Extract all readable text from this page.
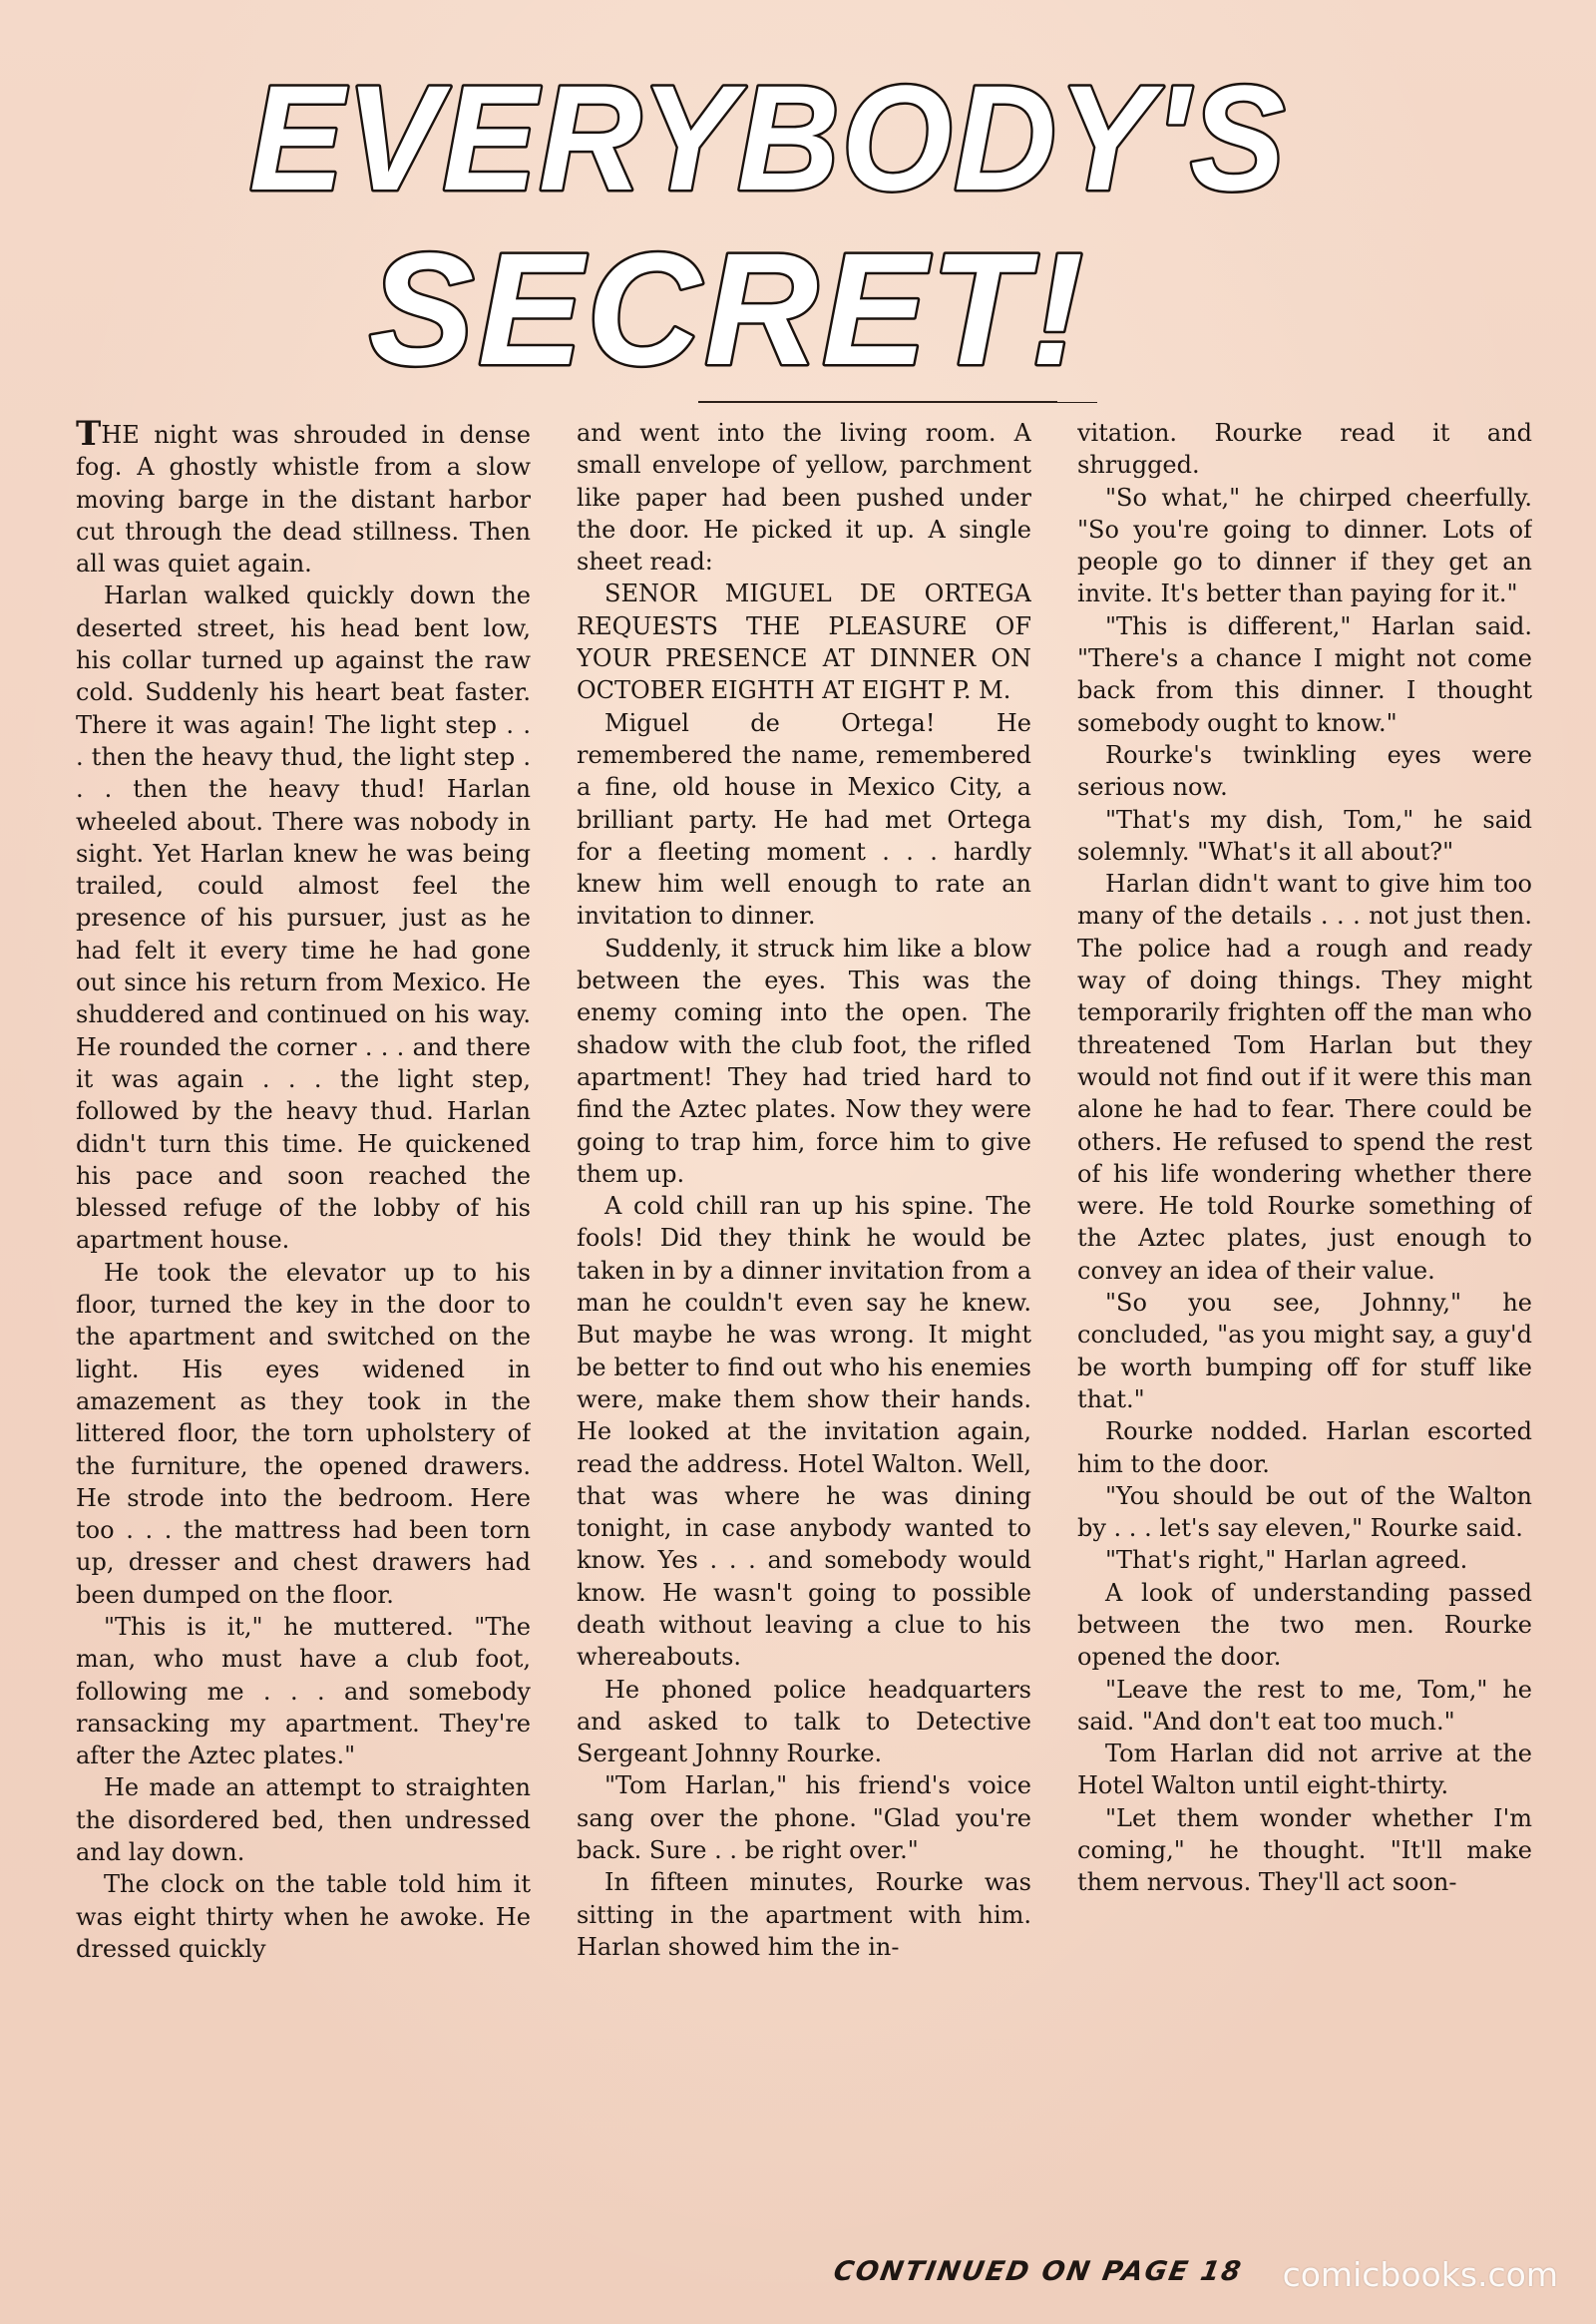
EVERYBODY'S
SECRET!

THE night was shrouded in dense fog. A ghostly whistle from a slow moving barge in the distant harbor cut through the dead stillness. Then all was quiet again.

Harlan walked quickly down the deserted street, his head bent low, his collar turned up against the raw cold. Suddenly his heart beat faster. There it was again! The light step . . . then the heavy thud, the light step . . . then the heavy thud! Harlan wheeled about. There was nobody in sight. Yet Harlan knew he was being trailed, could almost feel the presence of his pursuer, just as he had felt it every time he had gone out since his return from Mexico. He shuddered and continued on his way. He rounded the corner . . . and there it was again . . . the light step, followed by the heavy thud. Harlan didn't turn this time. He quickened his pace and soon reached the blessed refuge of the lobby of his apartment house.

He took the elevator up to his floor, turned the key in the door to the apartment and switched on the light. His eyes widened in amazement as they took in the littered floor, the torn upholstery of the furniture, the opened drawers. He strode into the bedroom. Here too . . . the mattress had been torn up, dresser and chest drawers had been dumped on the floor.

"This is it," he muttered. "The man, who must have a club foot, following me . . . and somebody ransacking my apartment. They're after the Aztec plates."

He made an attempt to straighten the disordered bed, then undressed and lay down.

The clock on the table told him it was eight thirty when he awoke. He dressed quickly

and went into the living room. A small envelope of yellow, parchment like paper had been pushed under the door. He picked it up. A single sheet read:

SENOR MIGUEL DE ORTEGA REQUESTS THE PLEASURE OF YOUR PRESENCE AT DINNER ON OCTOBER EIGHTH AT EIGHT P. M.

Miguel de Ortega! He remembered the name, remembered a fine, old house in Mexico City, a brilliant party. He had met Ortega for a fleeting moment . . . hardly knew him well enough to rate an invitation to dinner.

Suddenly, it struck him like a blow between the eyes. This was the enemy coming into the open. The shadow with the club foot, the rifled apartment! They had tried hard to find the Aztec plates. Now they were going to trap him, force him to give them up.

A cold chill ran up his spine. The fools! Did they think he would be taken in by a dinner invitation from a man he couldn't even say he knew. But maybe he was wrong. It might be better to find out who his enemies were, make them show their hands. He looked at the invitation again, read the address. Hotel Walton. Well, that was where he was dining tonight, in case anybody wanted to know. Yes . . . and somebody would know. He wasn't going to possible death without leaving a clue to his whereabouts.

He phoned police headquarters and asked to talk to Detective Sergeant Johnny Rourke.

"Tom Harlan," his friend's voice sang over the phone. "Glad you're back. Sure . . be right over."

In fifteen minutes, Rourke was sitting in the apartment with him. Harlan showed him the in-

vitation. Rourke read it and shrugged.

"So what," he chirped cheerfully. "So you're going to dinner. Lots of people go to dinner if they get an invite. It's better than paying for it."

"This is different," Harlan said. "There's a chance I might not come back from this dinner. I thought somebody ought to know."

Rourke's twinkling eyes were serious now.

"That's my dish, Tom," he said solemnly. "What's it all about?"

Harlan didn't want to give him too many of the details . . . not just then. The police had a rough and ready way of doing things. They might temporarily frighten off the man who threatened Tom Harlan but they would not find out if it were this man alone he had to fear. There could be others. He refused to spend the rest of his life wondering whether there were. He told Rourke something of the Aztec plates, just enough to convey an idea of their value.

"So you see, Johnny," he concluded, "as you might say, a guy'd be worth bumping off for stuff like that."

Rourke nodded. Harlan escorted him to the door.

"You should be out of the Walton by . . . let's say eleven," Rourke said.

"That's right," Harlan agreed.

A look of understanding passed between the two men. Rourke opened the door.

"Leave the rest to me, Tom," he said. "And don't eat too much."

Tom Harlan did not arrive at the Hotel Walton until eight-thirty.

"Let them wonder whether I'm coming," he thought. "It'll make them nervous. They'll act soon-

CONTINUED ON PAGE 18 comicbooks.com
